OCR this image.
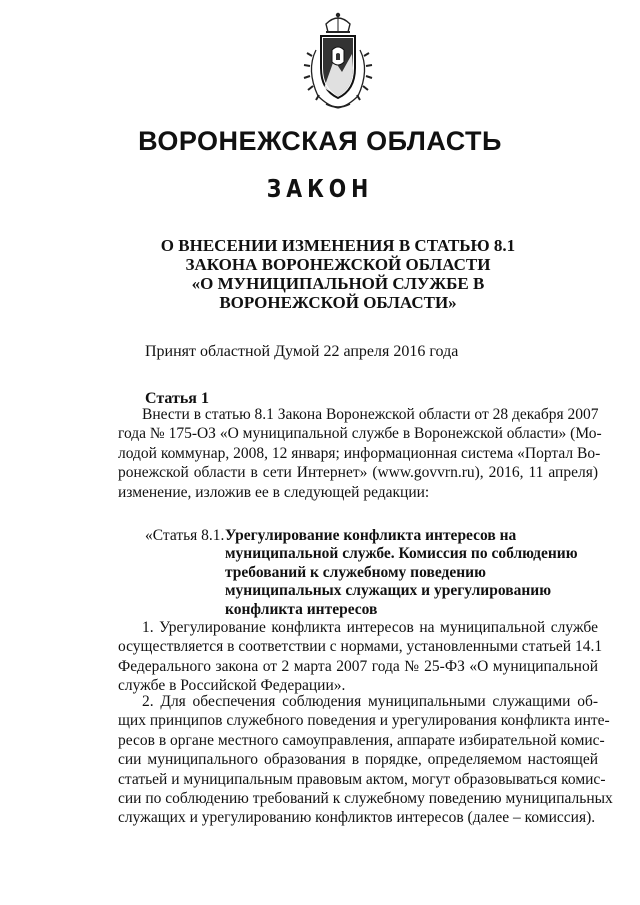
ВОРОНЕЖСКАЯ ОБЛАСТЬ
ЗАКОН
О ВНЕСЕНИИ ИЗМЕНЕНИЯ В СТАТЬЮ 8.1
ЗАКОНА ВОРОНЕЖСКОЙ ОБЛАСТИ
«О МУНИЦИПАЛЬНОЙ СЛУЖБЕ В
ВОРОНЕЖСКОЙ ОБЛАСТИ»

Принят областной Думой 22 апреля 2016 года

Статья 1

Внести в статью 8.1 Закона Воронежской области от 28 декабря 2007
года № 175-ОЗ «О муниципальной службе в Воронежской области» (Мо-
лодой коммунар, 2008, 12 января; информационная система «Портал Во-
ронежской области в сети Интернет» (www.govvrn.ru), 2016, 11 апреля)
изменение, изложив ее в следующей редакции:
«Статья 8.1. Урегулирование конфликта интересов на
муниципальной службе. Комиссия по соблюдению
требований к служебному поведению
муниципальных служащих и урегулированию
конфликта интересов
1. Урегулирование конфликта интересов на муниципальной службе
осуществляется в соответствии с нормами, установленными статьей 14.1
Федерального закона от 2 марта 2007 года № 25-ФЗ «О муниципальной
службе в Российской Федерации».
2. Для обеспечения соблюдения муниципальными служащими об-
щих принципов служебного поведения и урегулирования конфликта интe-
ресов в органе местного самоуправления, аппарате избирательной комис-
сии муниципального образования в порядке, определяемом настоящей
статьей и муниципальным правовым актом, могут образовываться комис-
сии по соблюдению требований к служебному поведению муниципальных
служащих и урегулированию конфликтов интересов (далее – комиссия).
